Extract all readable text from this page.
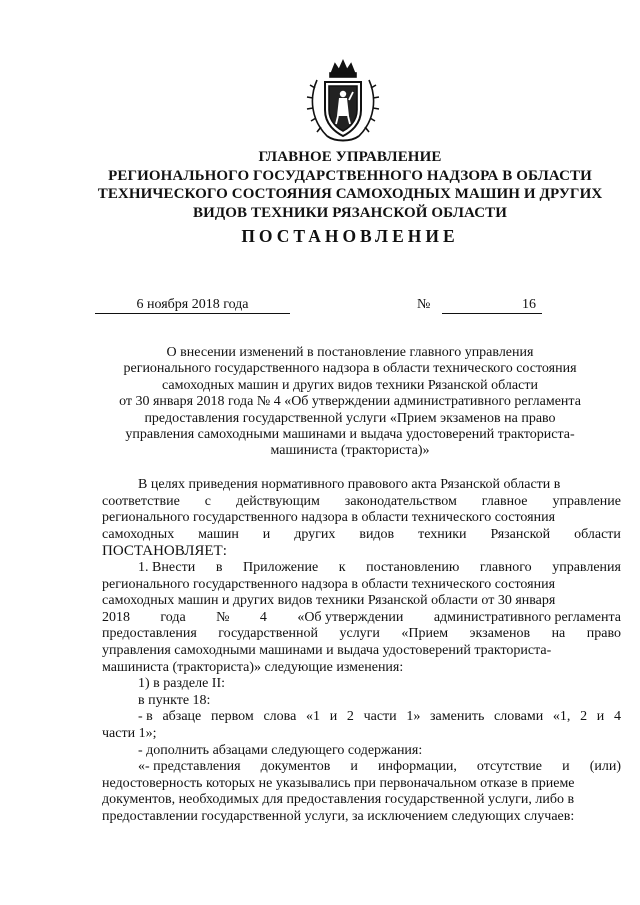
ГЛАВНОЕ УПРАВЛЕНИЕ
РЕГИОНАЛЬНОГО ГОСУДАРСТВЕННОГО НАДЗОРА В ОБЛАСТИ
ТЕХНИЧЕСКОГО СОСТОЯНИЯ САМОХОДНЫХ МАШИН И ДРУГИХ
ВИДОВ ТЕХНИКИ РЯЗАНСКОЙ ОБЛАСТИ
ПОСТАНОВЛЕНИЕ
6 ноября 2018 года	№	16
О внесении изменений в постановление главного управления
регионального государственного надзора в области технического состояния
самоходных машин и других видов техники Рязанской области
от 30 января 2018 года № 4 «Об утверждении административного регламента
предоставления государственной услуги «Прием экзаменов на право
управления самоходными машинами и выдача удостоверений тракториста-
машиниста (тракториста)»
В целях приведения нормативного правового акта Рязанской области в
соответствие с действующим законодательством главное управление
регионального государственного надзора в области технического состояния
самоходных машин и других видов техники Рязанской области
ПОСТАНОВЛЯЕТ:
1. Внести в Приложение к постановлению главного управления
регионального государственного надзора в области технического состояния
самоходных машин и других видов техники Рязанской области от 30 января
2018 года № 4 «Об утверждении административного регламента
предоставления государственной услуги «Прием экзаменов на право
управления самоходными машинами и выдача удостоверений тракториста-
машиниста (тракториста)» следующие изменения:
1) в разделе II:
в пункте 18:
- в абзаце первом слова «1 и 2 части 1» заменить словами «1, 2 и 4
части 1»;
- дополнить абзацами следующего содержания:
«- представления документов и информации, отсутствие и (или)
недостоверность которых не указывались при первоначальном отказе в приеме
документов, необходимых для предоставления государственной услуги, либо в
предоставлении государственной услуги, за исключением следующих случаев:
